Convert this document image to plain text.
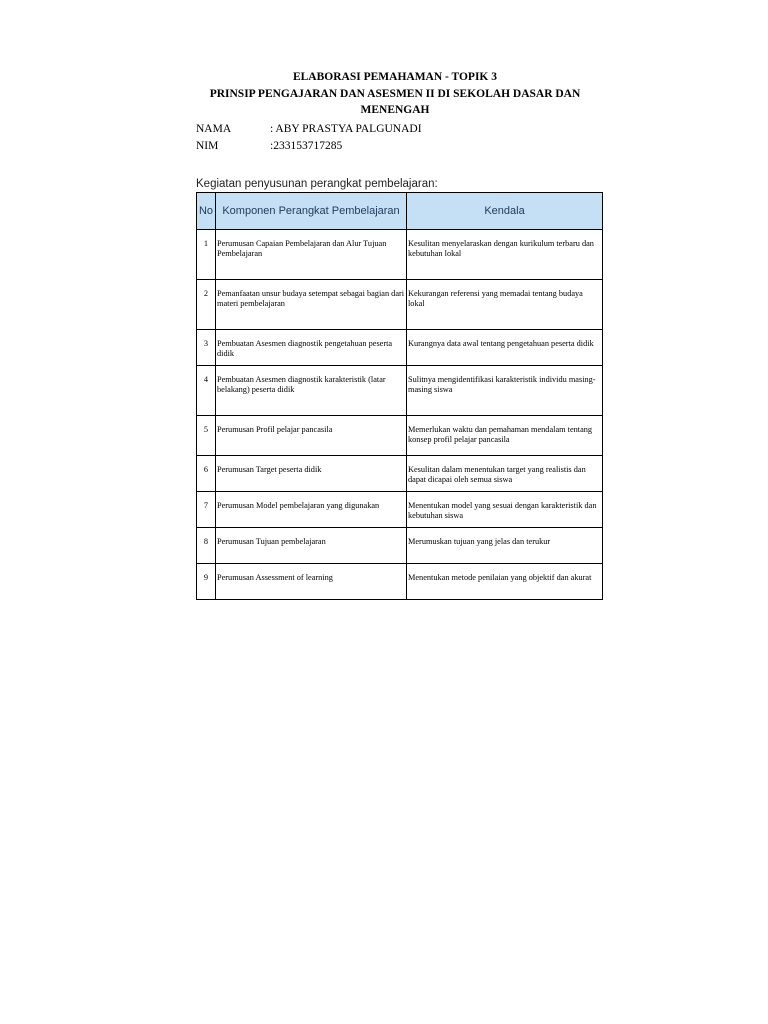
ELABORASI PEMAHAMAN - TOPIK 3
PRINSIP PENGAJARAN DAN ASESMEN II DI SEKOLAH DASAR DAN
MENENGAH
NAMA	: ABY PRASTYA PALGUNADI
NIM	:233153717285
Kegiatan penyusunan perangkat pembelajaran:
No	Komponen Perangkat Pembelajaran	Kendala
1	Perumusan Capaian Pembelajaran dan Alur Tujuan Pembelajaran	Kesulitan menyelaraskan dengan kurikulum terbaru dan kebutuhan lokal
2	Pemanfaatan unsur budaya setempat sebagai bagian dari materi pembelajaran	Kekurangan referensi yang memadai tentang budaya lokal
3	Pembuatan Asesmen diagnostik pengetahuan peserta didik	Kurangnya data awal tentang pengetahuan peserta didik
4	Pembuatan Asesmen diagnostik karakteristik (latar belakang) peserta didik	Sulitnya mengidentifikasi karakteristik individu masing-masing siswa
5	Perumusan Profil pelajar pancasila	Memerlukan waktu dan pemahaman mendalam tentang konsep profil pelajar pancasila
6	Perumusan Target peserta didik	Kesulitan dalam menentukan target yang realistis dan dapat dicapai oleh semua siswa
7	Perumusan Model pembelajaran yang digunakan	Menentukan model yang sesuai dengan karakteristik dan kebutuhan siswa
8	Perumusan Tujuan pembelajaran	Merumuskan tujuan yang jelas dan terukur
9	Perumusan Assessment of learning	Menentukan metode penilaian yang objektif dan akurat
